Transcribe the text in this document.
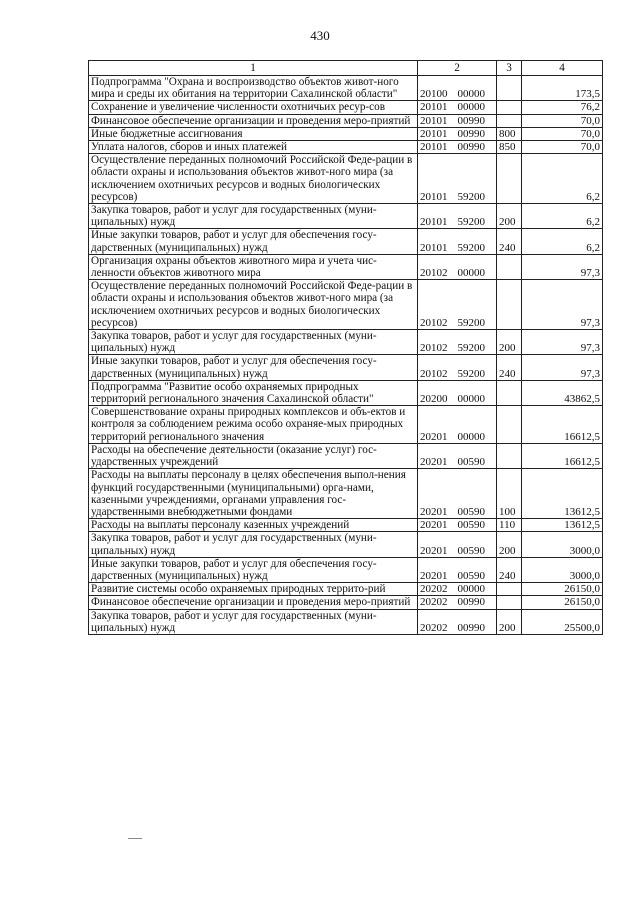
430
1	2	3	4
Подпрограмма "Охрана и воспроизводство объектов живот-ного мира и среды их обитания на территории Сахалинской области"	20100 00000		173,5
Сохранение и увеличение численности охотничьих ресур-сов	20101 00000		76,2
Финансовое обеспечение организации и проведения меро-приятий	20101 00990		70,0
Иные бюджетные ассигнования	20101 00990	800	70,0
Уплата налогов, сборов и иных платежей	20101 00990	850	70,0
Осуществление переданных полномочий Российской Феде-рации в области охраны и использования объектов живот-ного мира (за исключением охотничьих ресурсов и водных биологических ресурсов)	20101 59200		6,2
Закупка товаров, работ и услуг для государственных (муни-ципальных) нужд	20101 59200	200	6,2
Иные закупки товаров, работ и услуг для обеспечения госу-дарственных (муниципальных) нужд	20101 59200	240	6,2
Организация охраны объектов животного мира и учета чис-ленности объектов животного мира	20102 00000		97,3
Осуществление переданных полномочий Российской Феде-рации в области охраны и использования объектов живот-ного мира (за исключением охотничьих ресурсов и водных биологических ресурсов)	20102 59200		97,3
Закупка товаров, работ и услуг для государственных (муни-ципальных) нужд	20102 59200	200	97,3
Иные закупки товаров, работ и услуг для обеспечения госу-дарственных (муниципальных) нужд	20102 59200	240	97,3
Подпрограмма "Развитие особо охраняемых природных территорий регионального значения Сахалинской области"	20200 00000		43862,5
Совершенствование охраны природных комплексов и объ-ектов и контроля за соблюдением режима особо охраняе-мых природных территорий регионального значения	20201 00000		16612,5
Расходы на обеспечение деятельности (оказание услуг) гос-ударственных учреждений	20201 00590		16612,5
Расходы на выплаты персоналу в целях обеспечения выпол-нения функций государственными (муниципальными) орга-нами, казенными учреждениями, органами управления гос-ударственными внебюджетными фондами	20201 00590	100	13612,5
Расходы на выплаты персоналу казенных учреждений	20201 00590	110	13612,5
Закупка товаров, работ и услуг для государственных (муни-ципальных) нужд	20201 00590	200	3000,0
Иные закупки товаров, работ и услуг для обеспечения госу-дарственных (муниципальных) нужд	20201 00590	240	3000,0
Развитие системы особо охраняемых природных террито-рий	20202 00000		26150,0
Финансовое обеспечение организации и проведения меро-приятий	20202 00990		26150,0
Закупка товаров, работ и услуг для государственных (муни-ципальных) нужд	20202 00990	200	25500,0
